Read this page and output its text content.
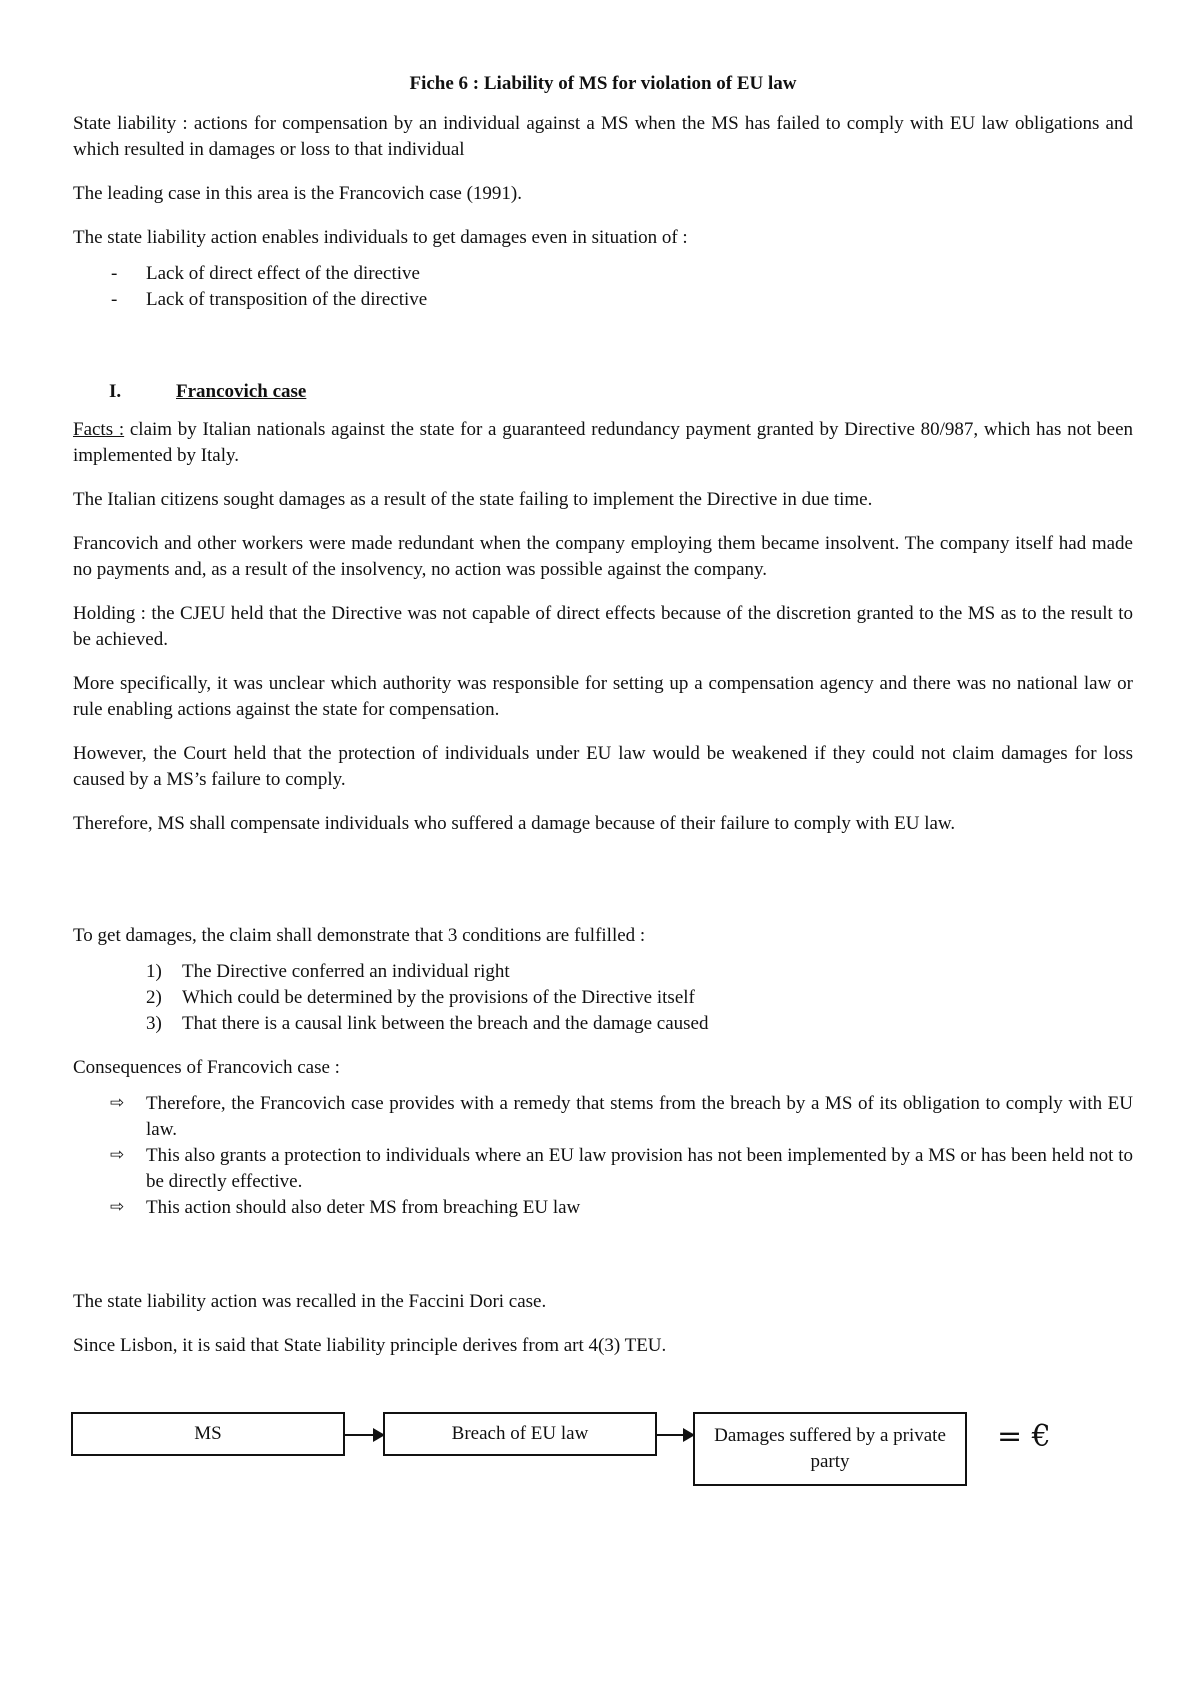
Fiche 6 : Liability of MS for violation of EU law

State liability : actions for compensation by an individual against a MS when the MS has failed to comply with EU law obligations and which resulted in damages or loss to that individual

The leading case in this area is the Francovich case (1991).

The state liability action enables individuals to get damages even in situation of :

- Lack of direct effect of the directive
- Lack of transposition of the directive
I.	Francovich case

Facts : claim by Italian nationals against the state for a guaranteed redundancy payment granted by Directive 80/987, which has not been implemented by Italy.

The Italian citizens sought damages as a result of the state failing to implement the Directive in due time.

Francovich and other workers were made redundant when the company employing them became insolvent. The company itself had made no payments and, as a result of the insolvency, no action was possible against the company.

Holding : the CJEU held that the Directive was not capable of direct effects because of the discretion granted to the MS as to the result to be achieved.

More specifically, it was unclear which authority was responsible for setting up a compensation agency and there was no national law or rule enabling actions against the state for compensation.

However, the Court held that the protection of individuals under EU law would be weakened if they could not claim damages for loss caused by a MS’s failure to comply.

Therefore, MS shall compensate individuals who suffered a damage because of their failure to comply with EU law.

To get damages, the claim shall demonstrate that 3 conditions are fulfilled :

1) The Directive conferred an individual right
2) Which could be determined by the provisions of the Directive itself
3) That there is a causal link between the breach and the damage caused

Consequences of Francovich case :

⇨ Therefore, the Francovich case provides with a remedy that stems from the breach by a MS of its obligation to comply with EU law.
⇨ This also grants a protection to individuals where an EU law provision has not been implemented by a MS or has been held not to be directly effective.
⇨ This action should also deter MS from breaching EU law

The state liability action was recalled in the Faccini Dori case.

Since Lisbon, it is said that State liability principle derives from art 4(3) TEU.

MS	Breach of EU law	Damages suffered by a private party
= €
